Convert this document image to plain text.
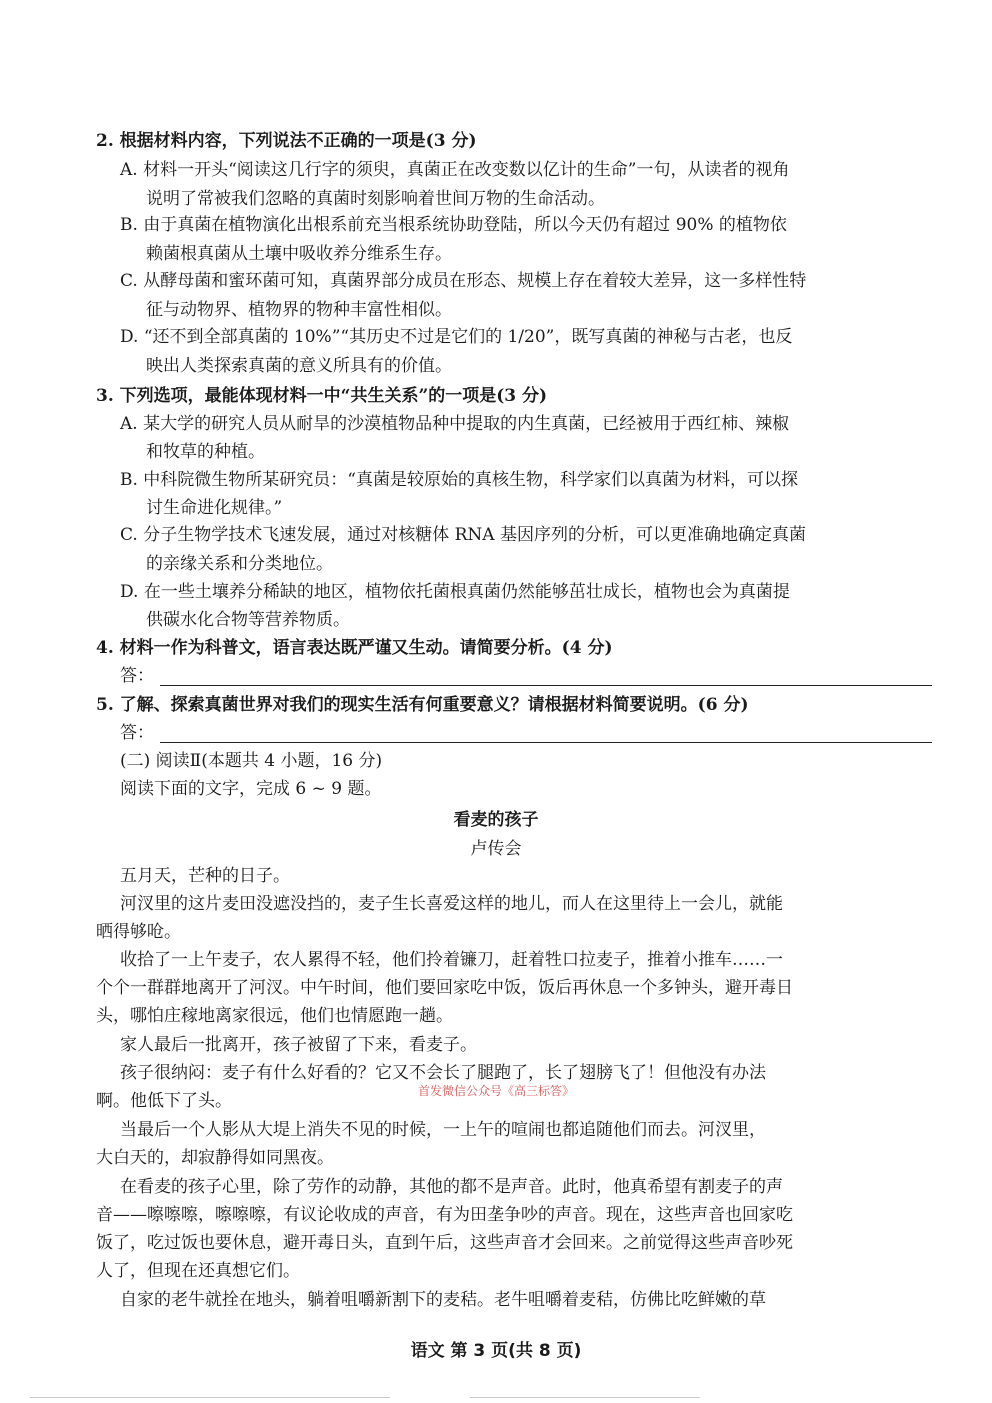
2. 根据材料内容，下列说法不正确的一项是(3 分)
A. 材料一开头“阅读这几行字的须臾，真菌正在改变数以亿计的生命”一句，从读者的视角
说明了常被我们忽略的真菌时刻影响着世间万物的生命活动。
B. 由于真菌在植物演化出根系前充当根系统协助登陆，所以今天仍有超过 90% 的植物依
赖菌根真菌从土壤中吸收养分维系生存。
C. 从酵母菌和蜜环菌可知，真菌界部分成员在形态、规模上存在着较大差异，这一多样性特
征与动物界、植物界的物种丰富性相似。
D. “还不到全部真菌的 10%”“其历史不过是它们的 1/20”，既写真菌的神秘与古老，也反
映出人类探索真菌的意义所具有的价值。
3. 下列选项，最能体现材料一中“共生关系”的一项是(3 分)
A. 某大学的研究人员从耐旱的沙漠植物品种中提取的内生真菌，已经被用于西红柿、辣椒
和牧草的种植。
B. 中科院微生物所某研究员：“真菌是较原始的真核生物，科学家们以真菌为材料，可以探
讨生命进化规律。”
C. 分子生物学技术飞速发展，通过对核糖体 RNA 基因序列的分析，可以更准确地确定真菌
的亲缘关系和分类地位。
D. 在一些土壤养分稀缺的地区，植物依托菌根真菌仍然能够茁壮成长，植物也会为真菌提
供碳水化合物等营养物质。
4. 材料一作为科普文，语言表达既严谨又生动。请简要分析。(4 分)
答：
5. 了解、探索真菌世界对我们的现实生活有何重要意义？请根据材料简要说明。(6 分)
答：
(二) 阅读Ⅱ(本题共 4 小题，16 分)
阅读下面的文字，完成 6 ~ 9 题。
看麦的孩子
卢传会
五月天，芒种的日子。
河汊里的这片麦田没遮没挡的，麦子生长喜爱这样的地儿，而人在这里待上一会儿，就能
晒得够呛。
收拾了一上午麦子，农人累得不轻，他们拎着镰刀，赶着牲口拉麦子，推着小推车……一
个个一群群地离开了河汊。中午时间，他们要回家吃中饭，饭后再休息一个多钟头，避开毒日
头，哪怕庄稼地离家很远，他们也情愿跑一趟。
家人最后一批离开，孩子被留了下来，看麦子。
孩子很纳闷：麦子有什么好看的？它又不会长了腿跑了，长了翅膀飞了！但他没有办法
啊。他低下了头。	首发微信公众号《高三标答》
当最后一个人影从大堤上消失不见的时候，一上午的喧闹也都追随他们而去。河汊里，
大白天的，却寂静得如同黑夜。
在看麦的孩子心里，除了劳作的动静，其他的都不是声音。此时，他真希望有割麦子的声
音——嚓嚓嚓，嚓嚓嚓，有议论收成的声音，有为田垄争吵的声音。现在，这些声音也回家吃
饭了，吃过饭也要休息，避开毒日头，直到午后，这些声音才会回来。之前觉得这些声音吵死
人了，但现在还真想它们。
自家的老牛就拴在地头，躺着咀嚼新割下的麦秸。老牛咀嚼着麦秸，仿佛比吃鲜嫩的草
语文 第 3 页(共 8 页)
